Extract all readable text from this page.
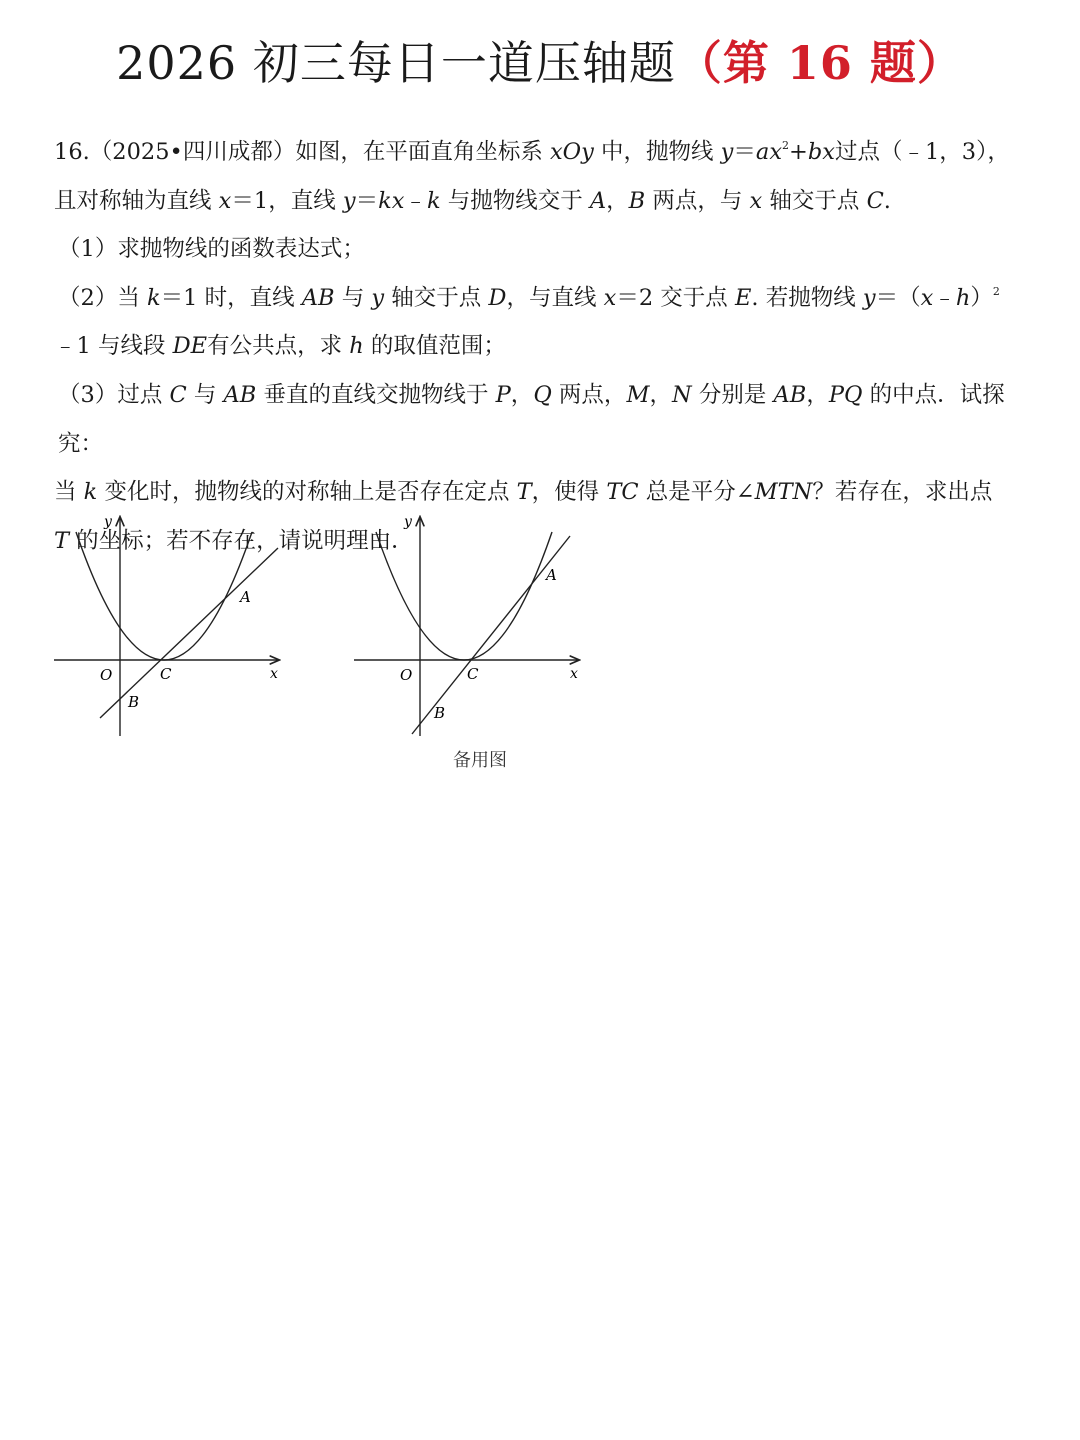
2026 初三每日一道压轴题（第 16 题）

16.（2025•四川成都）如图，在平面直角坐标系 xOy 中，抛物线 $y=ax^2+bx$过点（﹣1，3），

且对称轴为直线 x＝1，直线 y＝kx﹣k 与抛物线交于 A，B 两点，与 x 轴交于点 C.

（1）求抛物线的函数表达式；

（2）当 k＝1 时，直线 AB 与 y 轴交于点 D，与直线 x＝2 交于点 E. 若抛物线 y＝（x﹣h）$^2$

﹣1 与线段 DE有公共点，求 h 的取值范围；

（3）过点 C 与 AB 垂直的直线交抛物线于 P，Q 两点，M，N 分别是 AB，PQ 的中点．试探究：

当 k 变化时，抛物线的对称轴上是否存在定点 T，使得 TC 总是平分∠MTN？若存在，求出点

T 的坐标；若不存在，请说明理由．

y
x
O	C
A
B
y
x
O	C
A
B
备用图
